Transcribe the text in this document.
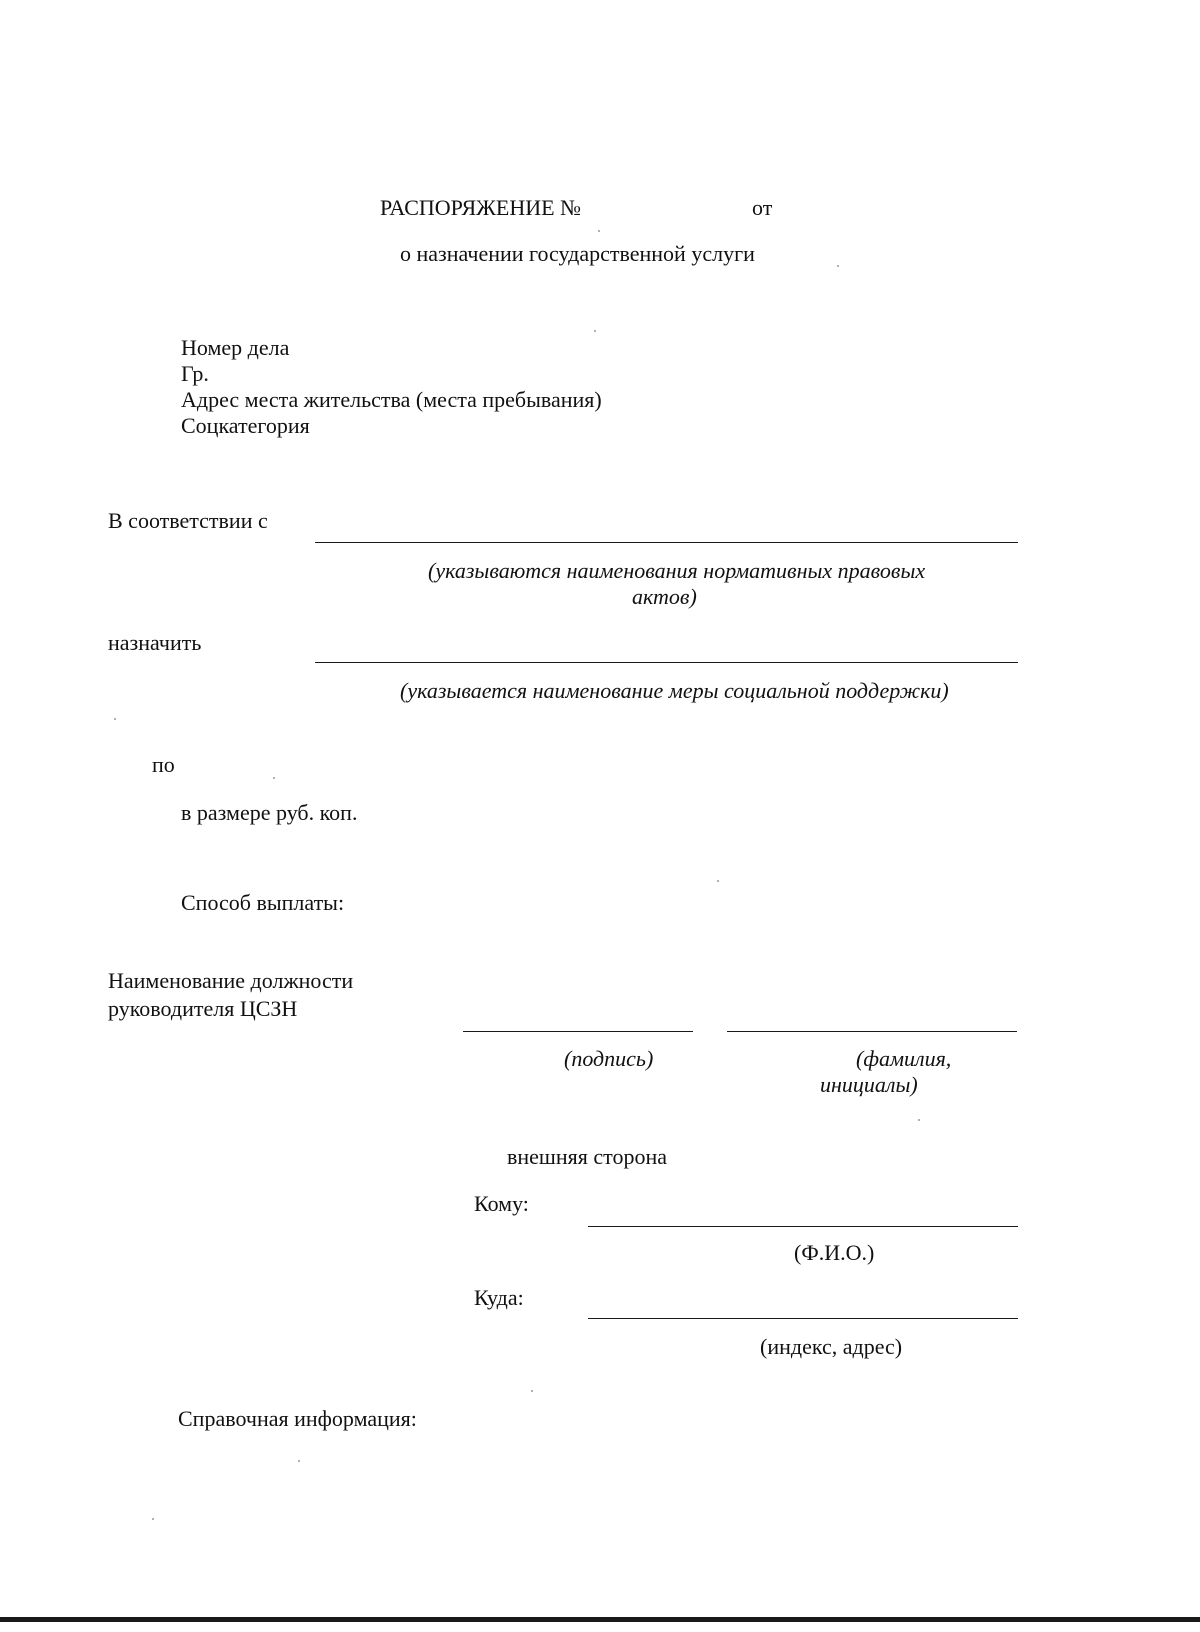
РАСПОРЯЖЕНИЕ №	от
о назначении государственной услуги
Номер дела
Гр.
Адрес места жительства (места пребывания)
Соцкатегория
В соответствии с
(указываются наименования нормативных правовых
актов)
назначить
(указывается наименование меры социальной поддержки)
по
в размере руб. коп.
Способ выплаты:
Наименование должности
руководителя ЦСЗН
(подпись)	(фамилия,
инициалы)
внешняя сторона
Кому:
(Ф.И.О.)
Куда:
(индекс, адрес)
Справочная информация:
